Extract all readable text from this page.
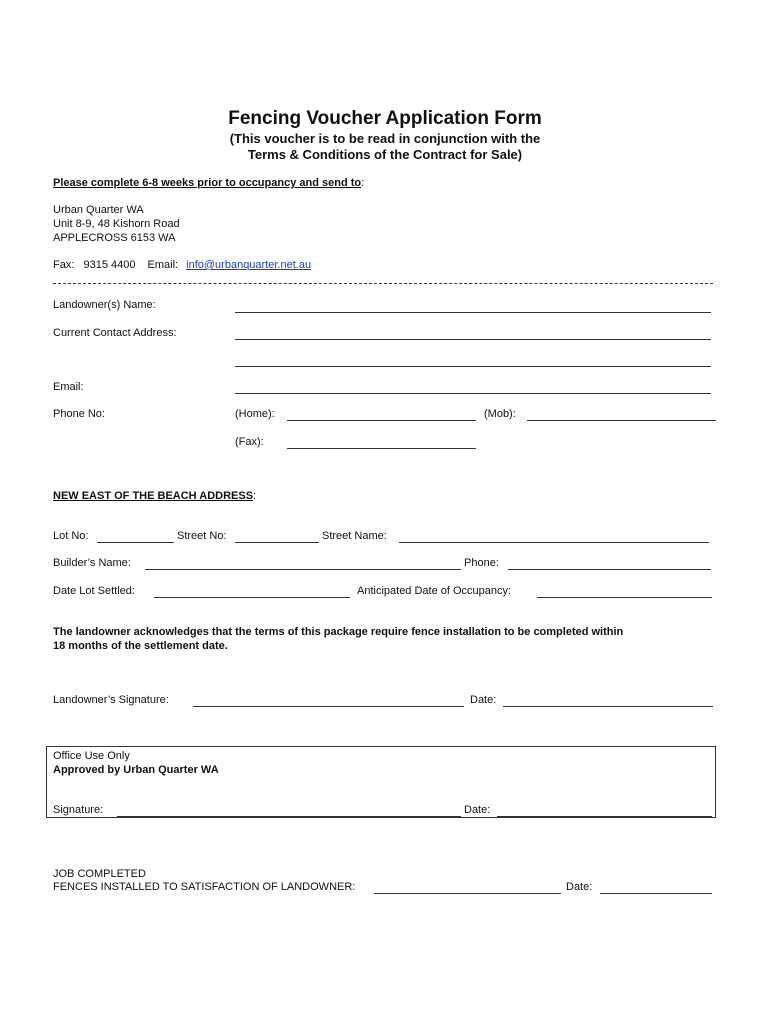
Fencing Voucher Application Form
(This voucher is to be read in conjunction with the
Terms & Conditions of the Contract for Sale)
Please complete 6-8 weeks prior to occupancy and send to:
Urban Quarter WA
Unit 8-9, 48 Kishorn Road
APPLECROSS 6153 WA
Fax: 9315 4400 Email: info@urbanquarter.net.au
Landowner(s) Name:
Current Contact Address:
Email:
Phone No:	(Home):	(Mob):
(Fax):
NEW EAST OF THE BEACH ADDRESS:
Lot No:	Street No:	Street Name:
Builder’s Name:	Phone:
Date Lot Settled:	Anticipated Date of Occupancy:
The landowner acknowledges that the terms of this package require fence installation to be completed within
18 months of the settlement date.
Landowner’s Signature:	Date:
Office Use Only
Approved by Urban Quarter WA
Signature:	Date:
JOB COMPLETED
FENCES INSTALLED TO SATISFACTION OF LANDOWNER:	Date:
